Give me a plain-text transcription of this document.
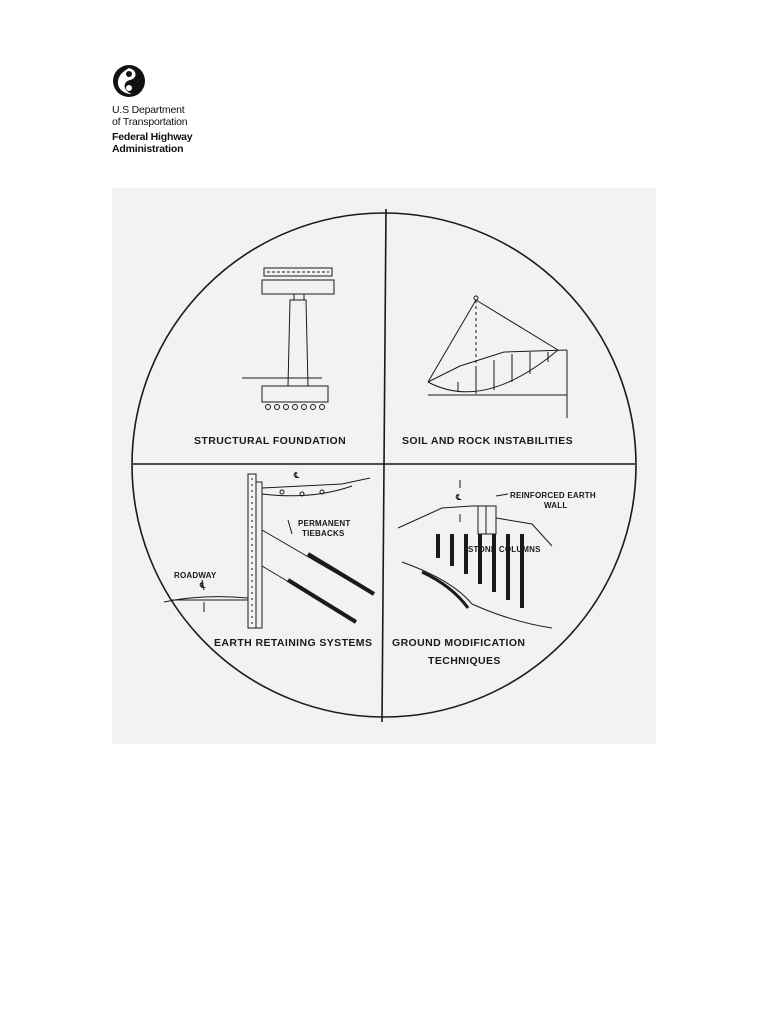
U.S Department
of Transportation
Federal Highway
Administration
℄
PERMANENT
TIEBACKS
ROADWAY
℄
℄	REINFORCED EARTH
WALL
STONE COLUMNS
STRUCTURAL FOUNDATION	SOIL AND ROCK INSTABILITIES
EARTH RETAINING SYSTEMS GROUND MODIFICATION
TECHNIQUES
